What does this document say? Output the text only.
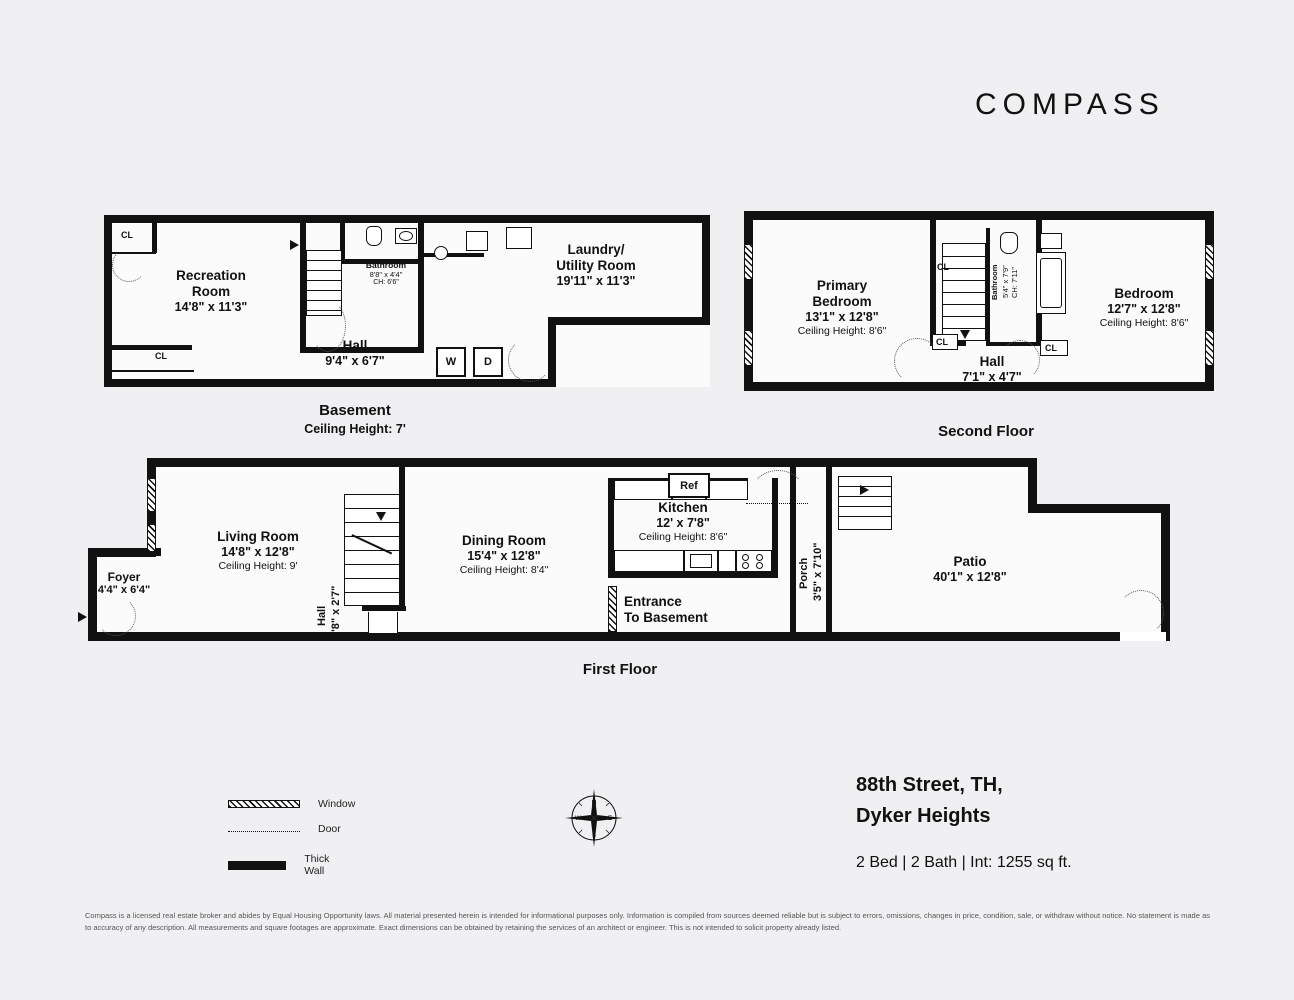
COMPASS
CL
CL	W	D
Recreation
Room
14'8" x 11'3"
Laundry/
Utility Room
19'11" x 11'3"
Hall
9'4" x 6'7"
Bathroom
8'8" x 4'4"
CH: 6'6"
Basement
Ceiling Height: 7'
CL
CL
CL
Primary
Bedroom
13'1" x 12'8"
Ceiling Height: 8'6"
Bedroom
12'7" x 12'8"
Ceiling Height: 8'6"
Hall
7'1" x 4'7"
Bathroom 5'4" x 7'9" CH: 7'11"
Second Floor
Ref
Living Room
14'8" x 12'8"
Ceiling Height: 9'
Dining Room
15'4" x 12'8"
Ceiling Height: 8'4"
Kitchen
12' x 7'8"
Ceiling Height: 8'6"
Patio
40'1" x 12'8"
Foyer
4'4" x 6'4"
Hall 2'8" x 2'7"
Porch 3'5" x 7'10"
Entrance
To Basement
First Floor
Window
Door
Thick Wall
N
S
E
W
88th Street, TH,
Dyker Heights
2 Bed | 2 Bath | Int: 1255 sq ft.
Compass is a licensed real estate broker and abides by Equal Housing Opportunity laws. All material presented herein is intended for informational purposes only. Information is compiled from sources deemed reliable but is subject to errors, omissions, changes in price, condition, sale, or withdraw without notice. No statement is made as to accuracy of any description. All measurements and square footages are approximate. Exact dimensions can be obtained by retaining the services of an architect or engineer. This is not intended to solicit property already listed.
